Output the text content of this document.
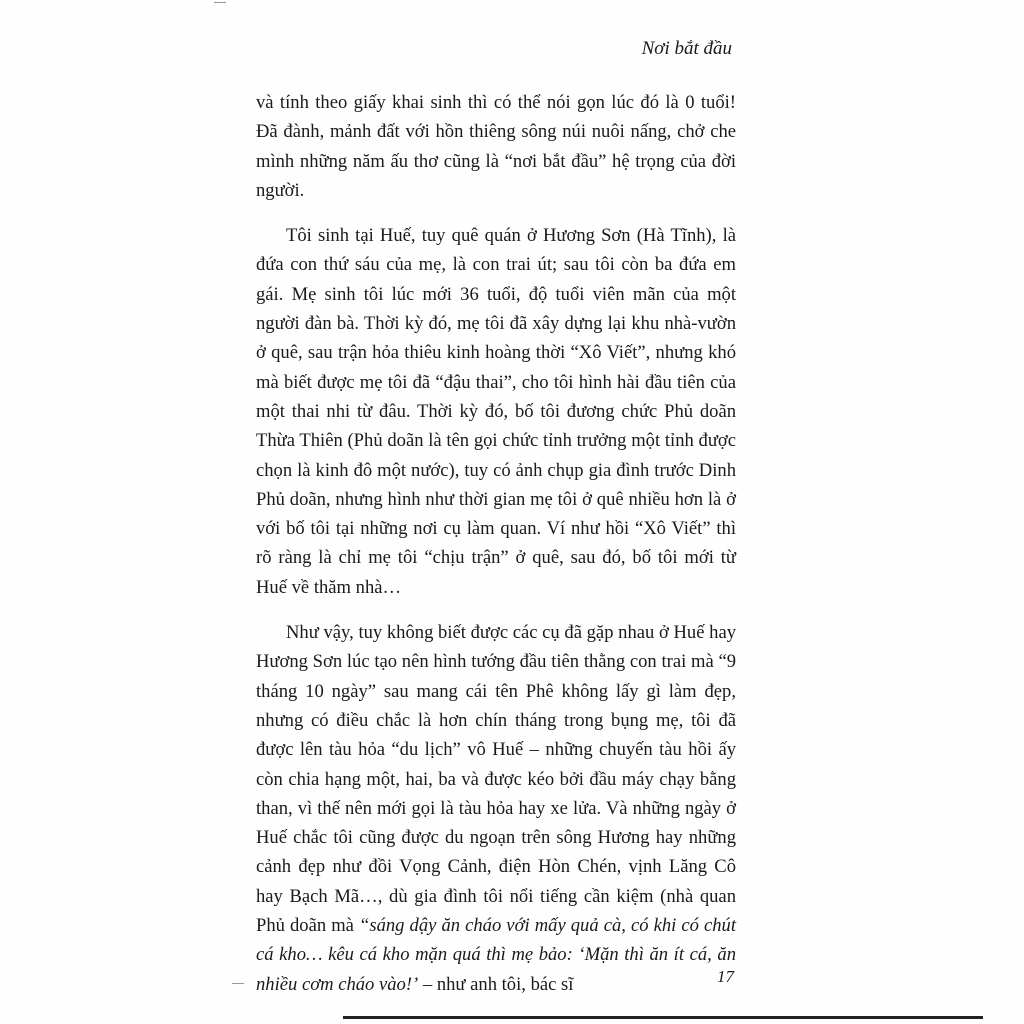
Nơi bắt đầu

và tính theo giấy khai sinh thì có thể nói gọn lúc đó là 0 tuổi! Đã đành, mảnh đất với hồn thiêng sông núi nuôi nấng, chở che mình những năm ấu thơ cũng là “nơi bắt đầu” hệ trọng của đời người.

Tôi sinh tại Huế, tuy quê quán ở Hương Sơn (Hà Tĩnh), là đứa con thứ sáu của mẹ, là con trai út; sau tôi còn ba đứa em gái. Mẹ sinh tôi lúc mới 36 tuổi, độ tuổi viên mãn của một người đàn bà. Thời kỳ đó, mẹ tôi đã xây dựng lại khu nhà-vườn ở quê, sau trận hỏa thiêu kinh hoàng thời “Xô Viết”, nhưng khó mà biết được mẹ tôi đã “đậu thai”, cho tôi hình hài đầu tiên của một thai nhi từ đâu. Thời kỳ đó, bố tôi đương chức Phủ doãn Thừa Thiên (Phủ doãn là tên gọi chức tỉnh trưởng một tỉnh được chọn là kinh đô một nước), tuy có ảnh chụp gia đình trước Dinh Phủ doãn, nhưng hình như thời gian mẹ tôi ở quê nhiều hơn là ở với bố tôi tại những nơi cụ làm quan. Ví như hồi “Xô Viết” thì rõ ràng là chỉ mẹ tôi “chịu trận” ở quê, sau đó, bố tôi mới từ Huế về thăm nhà…

Như vậy, tuy không biết được các cụ đã gặp nhau ở Huế hay Hương Sơn lúc tạo nên hình tướng đầu tiên thằng con trai mà “9 tháng 10 ngày” sau mang cái tên Phê không lấy gì làm đẹp, nhưng có điều chắc là hơn chín tháng trong bụng mẹ, tôi đã được lên tàu hỏa “du lịch” vô Huế – những chuyến tàu hồi ấy còn chia hạng một, hai, ba và được kéo bởi đầu máy chạy bằng than, vì thế nên mới gọi là tàu hỏa hay xe lửa. Và những ngày ở Huế chắc tôi cũng được du ngoạn trên sông Hương hay những cảnh đẹp như đồi Vọng Cảnh, điện Hòn Chén, vịnh Lăng Cô hay Bạch Mã…, dù gia đình tôi nổi tiếng cần kiệm (nhà quan Phủ doãn mà “sáng dậy ăn cháo với mấy quả cà, có khi có chút cá kho… kêu cá kho mặn quá thì mẹ bảo: ‘Mặn thì ăn ít cá, ăn nhiều cơm cháo vào!’ – như anh tôi, bác sĩ	17
